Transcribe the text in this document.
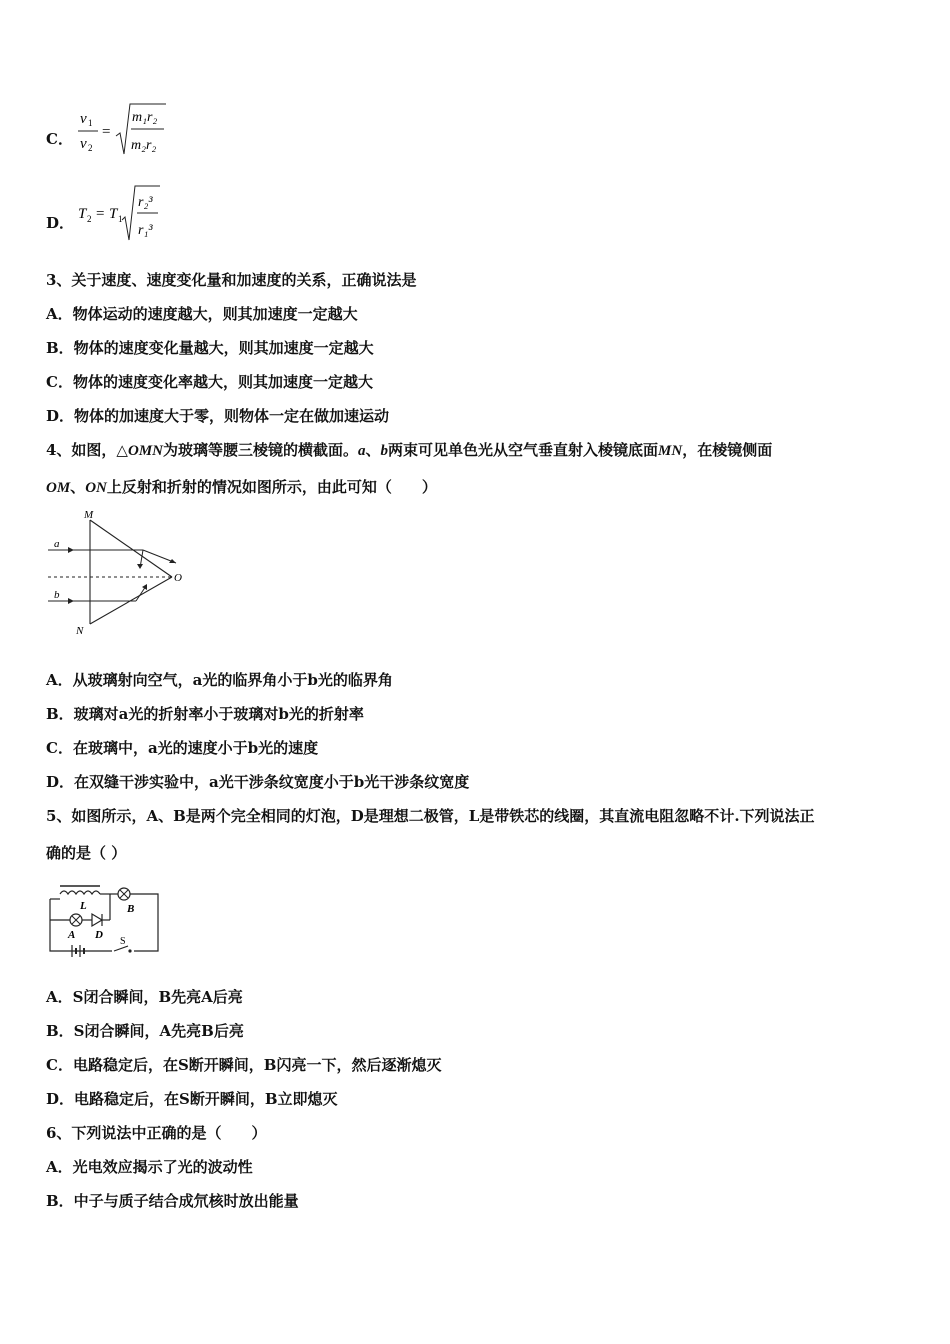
C．
v 1
v 2
=
m₁r₂
m₂r₂
D． T 2 = T 1
r₂³
r₁³
3、关于速度、速度变化量和加速度的关系，正确说法是
A．物体运动的速度越大，则其加速度一定越大
B．物体的速度变化量越大，则其加速度一定越大
C．物体的速度变化率越大，则其加速度一定越大
D．物体的加速度大于零，则物体一定在做加速运动
4、如图，△OMN为玻璃等腰三棱镜的横截面。a、b两束可见单色光从空气垂直射入棱镜底面MN，在棱镜侧面
OM、ON上反射和折射的情况如图所示，由此可知（　　）
M
N
O
a
b
A．从玻璃射向空气，a光的临界角小于b光的临界角
B．玻璃对a光的折射率小于玻璃对b光的折射率
C．在玻璃中，a光的速度小于b光的速度
D．在双缝干涉实验中，a光干涉条纹宽度小于b光干涉条纹宽度
5、如图所示，A、B是两个完全相同的灯泡，D是理想二极管，L是带铁芯的线圈，其直流电阻忽略不计.下列说法正
确的是（ ）
L
A D
B
S
A．S闭合瞬间，B先亮A后亮
B．S闭合瞬间，A先亮B后亮
C．电路稳定后，在S断开瞬间，B闪亮一下，然后逐渐熄灭
D．电路稳定后，在S断开瞬间，B立即熄灭
6、下列说法中正确的是（　　）
A．光电效应揭示了光的波动性
B．中子与质子结合成氘核时放出能量
